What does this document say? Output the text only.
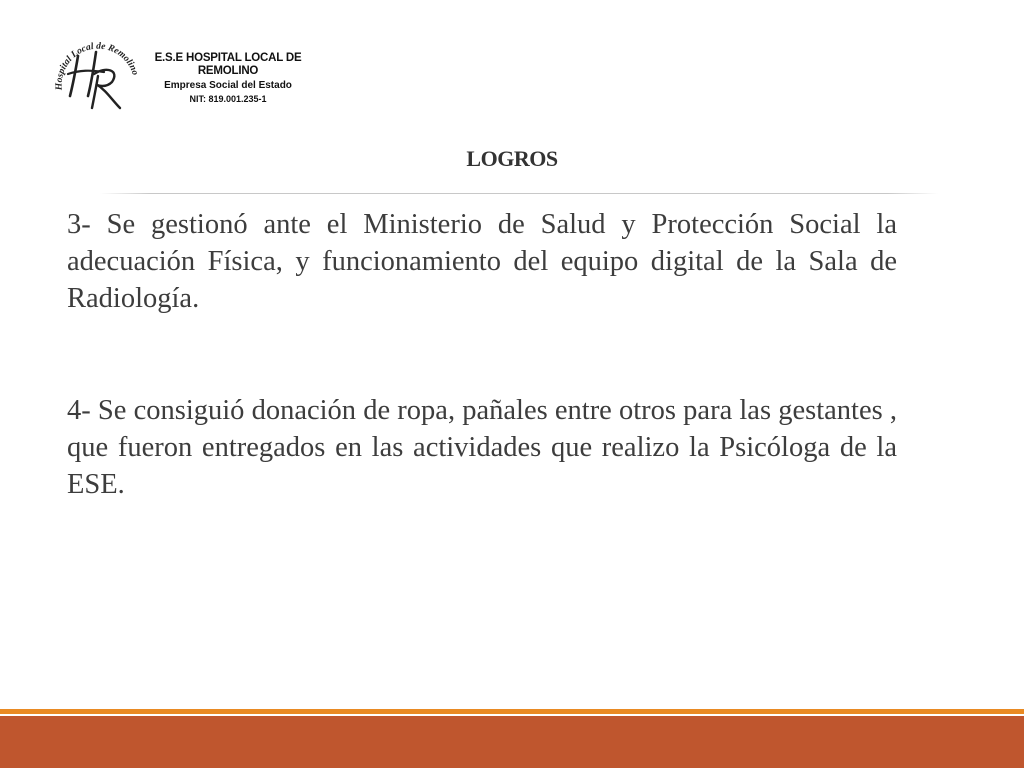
Hospital Local de Remolino
E.S.E HOSPITAL LOCAL DE REMOLINO
Empresa Social del Estado
NIT: 819.001.235-1
LOGROS

3- Se gestionó ante el Ministerio de Salud y Protección Social la adecuación Física, y funcionamiento del equipo digital de la Sala de Radiología.

4- Se consiguió donación de ropa, pañales entre otros para las gestantes , que fueron entregados en las actividades que realizo la Psicóloga de la ESE.
